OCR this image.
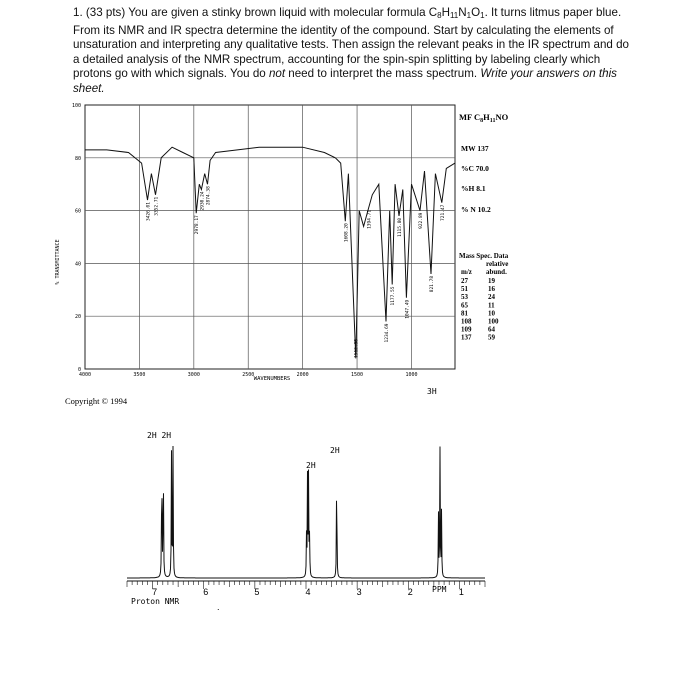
1. (33 pts) You are given a stinky brown liquid with molecular formula $C_8H_{11}N_1O_1$. It turns litmus paper blue. From its NMR and IR spectra determine the identity of the compound. Start by calculating the elements of unsaturation and interpreting any qualitative tests. Then assign the relevant peaks in the IR spectrum and do a detailed analysis of the NMR spectrum, accounting for the spin-spin splitting by labeling clearly which protons go with which signals. You do not need to interpret the mass spectrum. Write your answers on this sheet.
100
80
60
40
20
0
4000	3500	3000	2500	2000	1500	1000
3426.01 3352.71
2978.17
2930.24 2874.38
1608.20
1512.38
1394.71
1234.69
1177.55
1115.80
1047.49
922.89
821.78
721.47
% TRANSMITTANCE
WAVENUMBERS
Copyright © 1994
MF $C_8H_{11}NO$
MW 137
%C 70.0
%H 8.1
% N 10.2
Mass Spec. Data
relative
m/z abund.
27	19
51	16
53	24
65	11
81	10
108 100
109 64
137 59
7	6	5	4	3	2	1
2H 2H
2H
2H
3H
Proton NMR
PPM
.
